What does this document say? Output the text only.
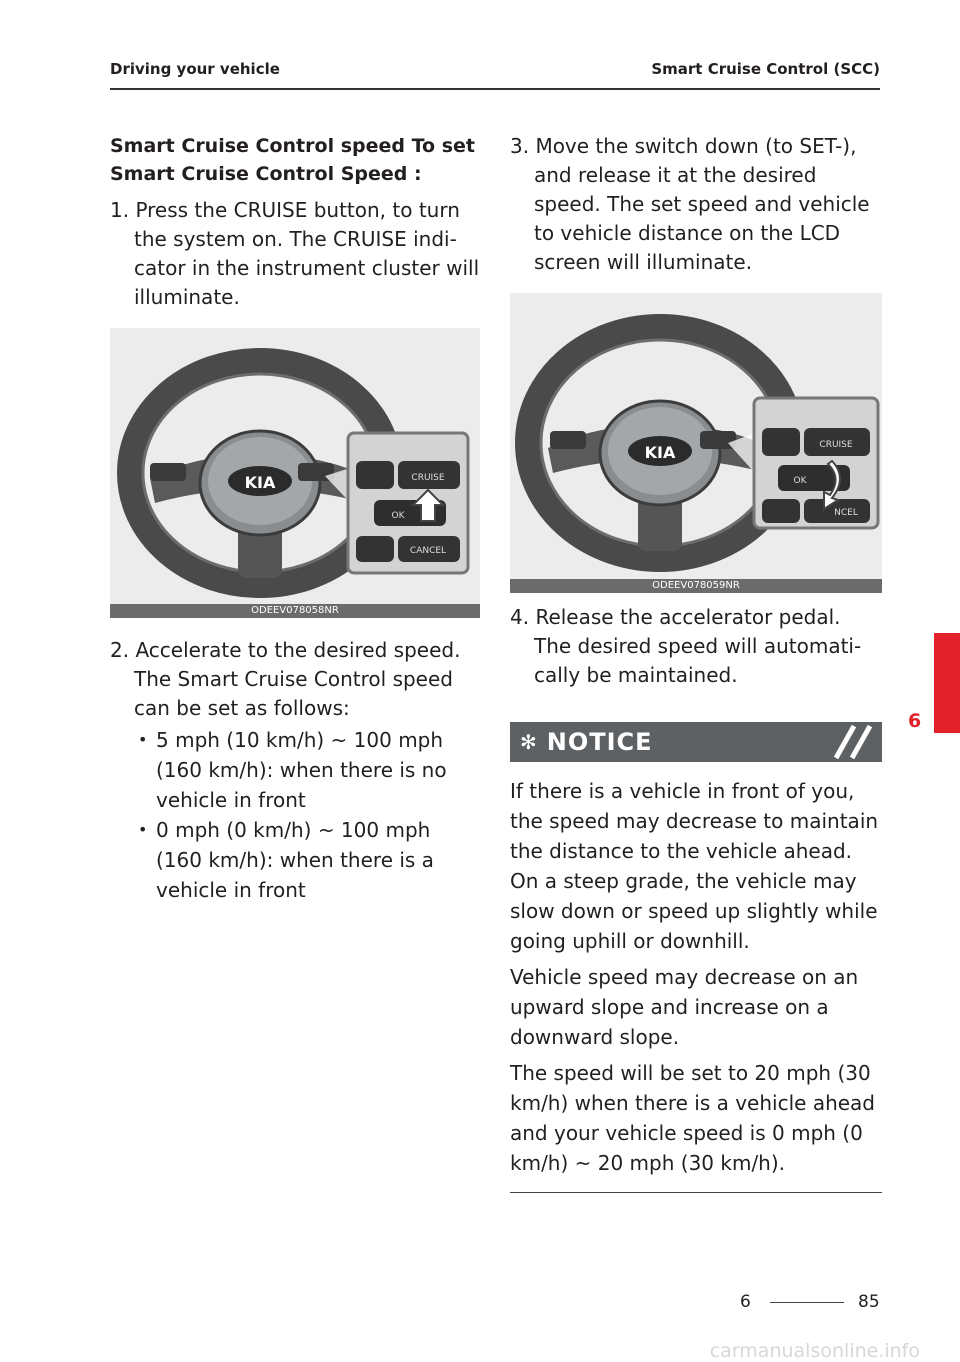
Driving your vehicle	Smart Cruise Control (SCC)

Smart Cruise Control speed To set Smart Cruise Control Speed :

1. Press the CRUISE button, to turn the system on. The CRUISE indi-cator in the instrument cluster will illuminate.

KIA	CRUISE
OK
CANCEL
ODEEV078058NR

2. Accelerate to the desired speed. The Smart Cruise Control speed can be set as follows:

• 5 mph (10 km/h) ~ 100 mph (160 km/h): when there is no vehicle in front
• 0 mph (0 km/h) ~ 100 mph (160 km/h): when there is a vehicle in front

3. Move the switch down (to SET-), and release it at the desired speed. The set speed and vehicle to vehicle distance on the LCD screen will illuminate.

KIA	CRUISE
OK
NCEL
ODEEV078059NR

4. Release the accelerator pedal. The desired speed will automati-cally be maintained.

✻ NOTICE

If there is a vehicle in front of you, the speed may decrease to maintain the distance to the vehicle ahead. On a steep grade, the vehicle may slow down or speed up slightly while going uphill or downhill.

Vehicle speed may decrease on an upward slope and increase on a downward slope.

The speed will be set to 20 mph (30 km/h) when there is a vehicle ahead and your vehicle speed is 0 mph (0 km/h) ~ 20 mph (30 km/h).

6
6	85
carmanualsonline.info
